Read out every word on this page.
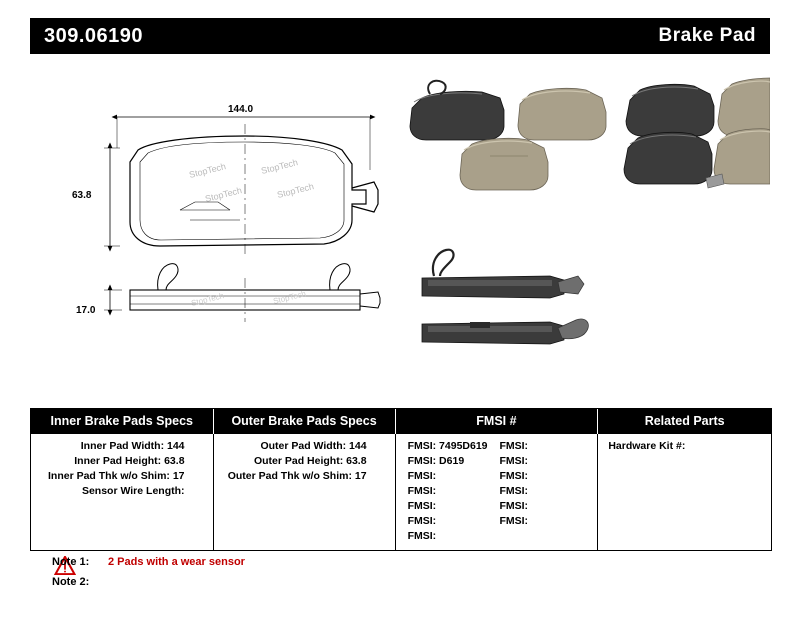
309.06190	Brake Pad
144.0
63.8
17.0
StopTech	StopTech
StopTech	StopTech
StopTech	StopTech
Inner Brake Pads Specs	Outer Brake Pads Specs	FMSI #	Related Parts

Inner Pad Width: 144
Inner Pad Height: 63.8
Inner Pad Thk w/o Shim: 17
Sensor Wire Length:

Outer Pad Width: 144
Outer Pad Height: 63.8
Outer Pad Thk w/o Shim: 17

FMSI: 7495D619
FMSI: D619
FMSI:
FMSI:
FMSI:
FMSI:
FMSI:
FMSI:
FMSI:
FMSI:
FMSI:
FMSI:
FMSI:

Hardware Kit #:
Note 1:	2 Pads with a wear sensor
Note 2:
